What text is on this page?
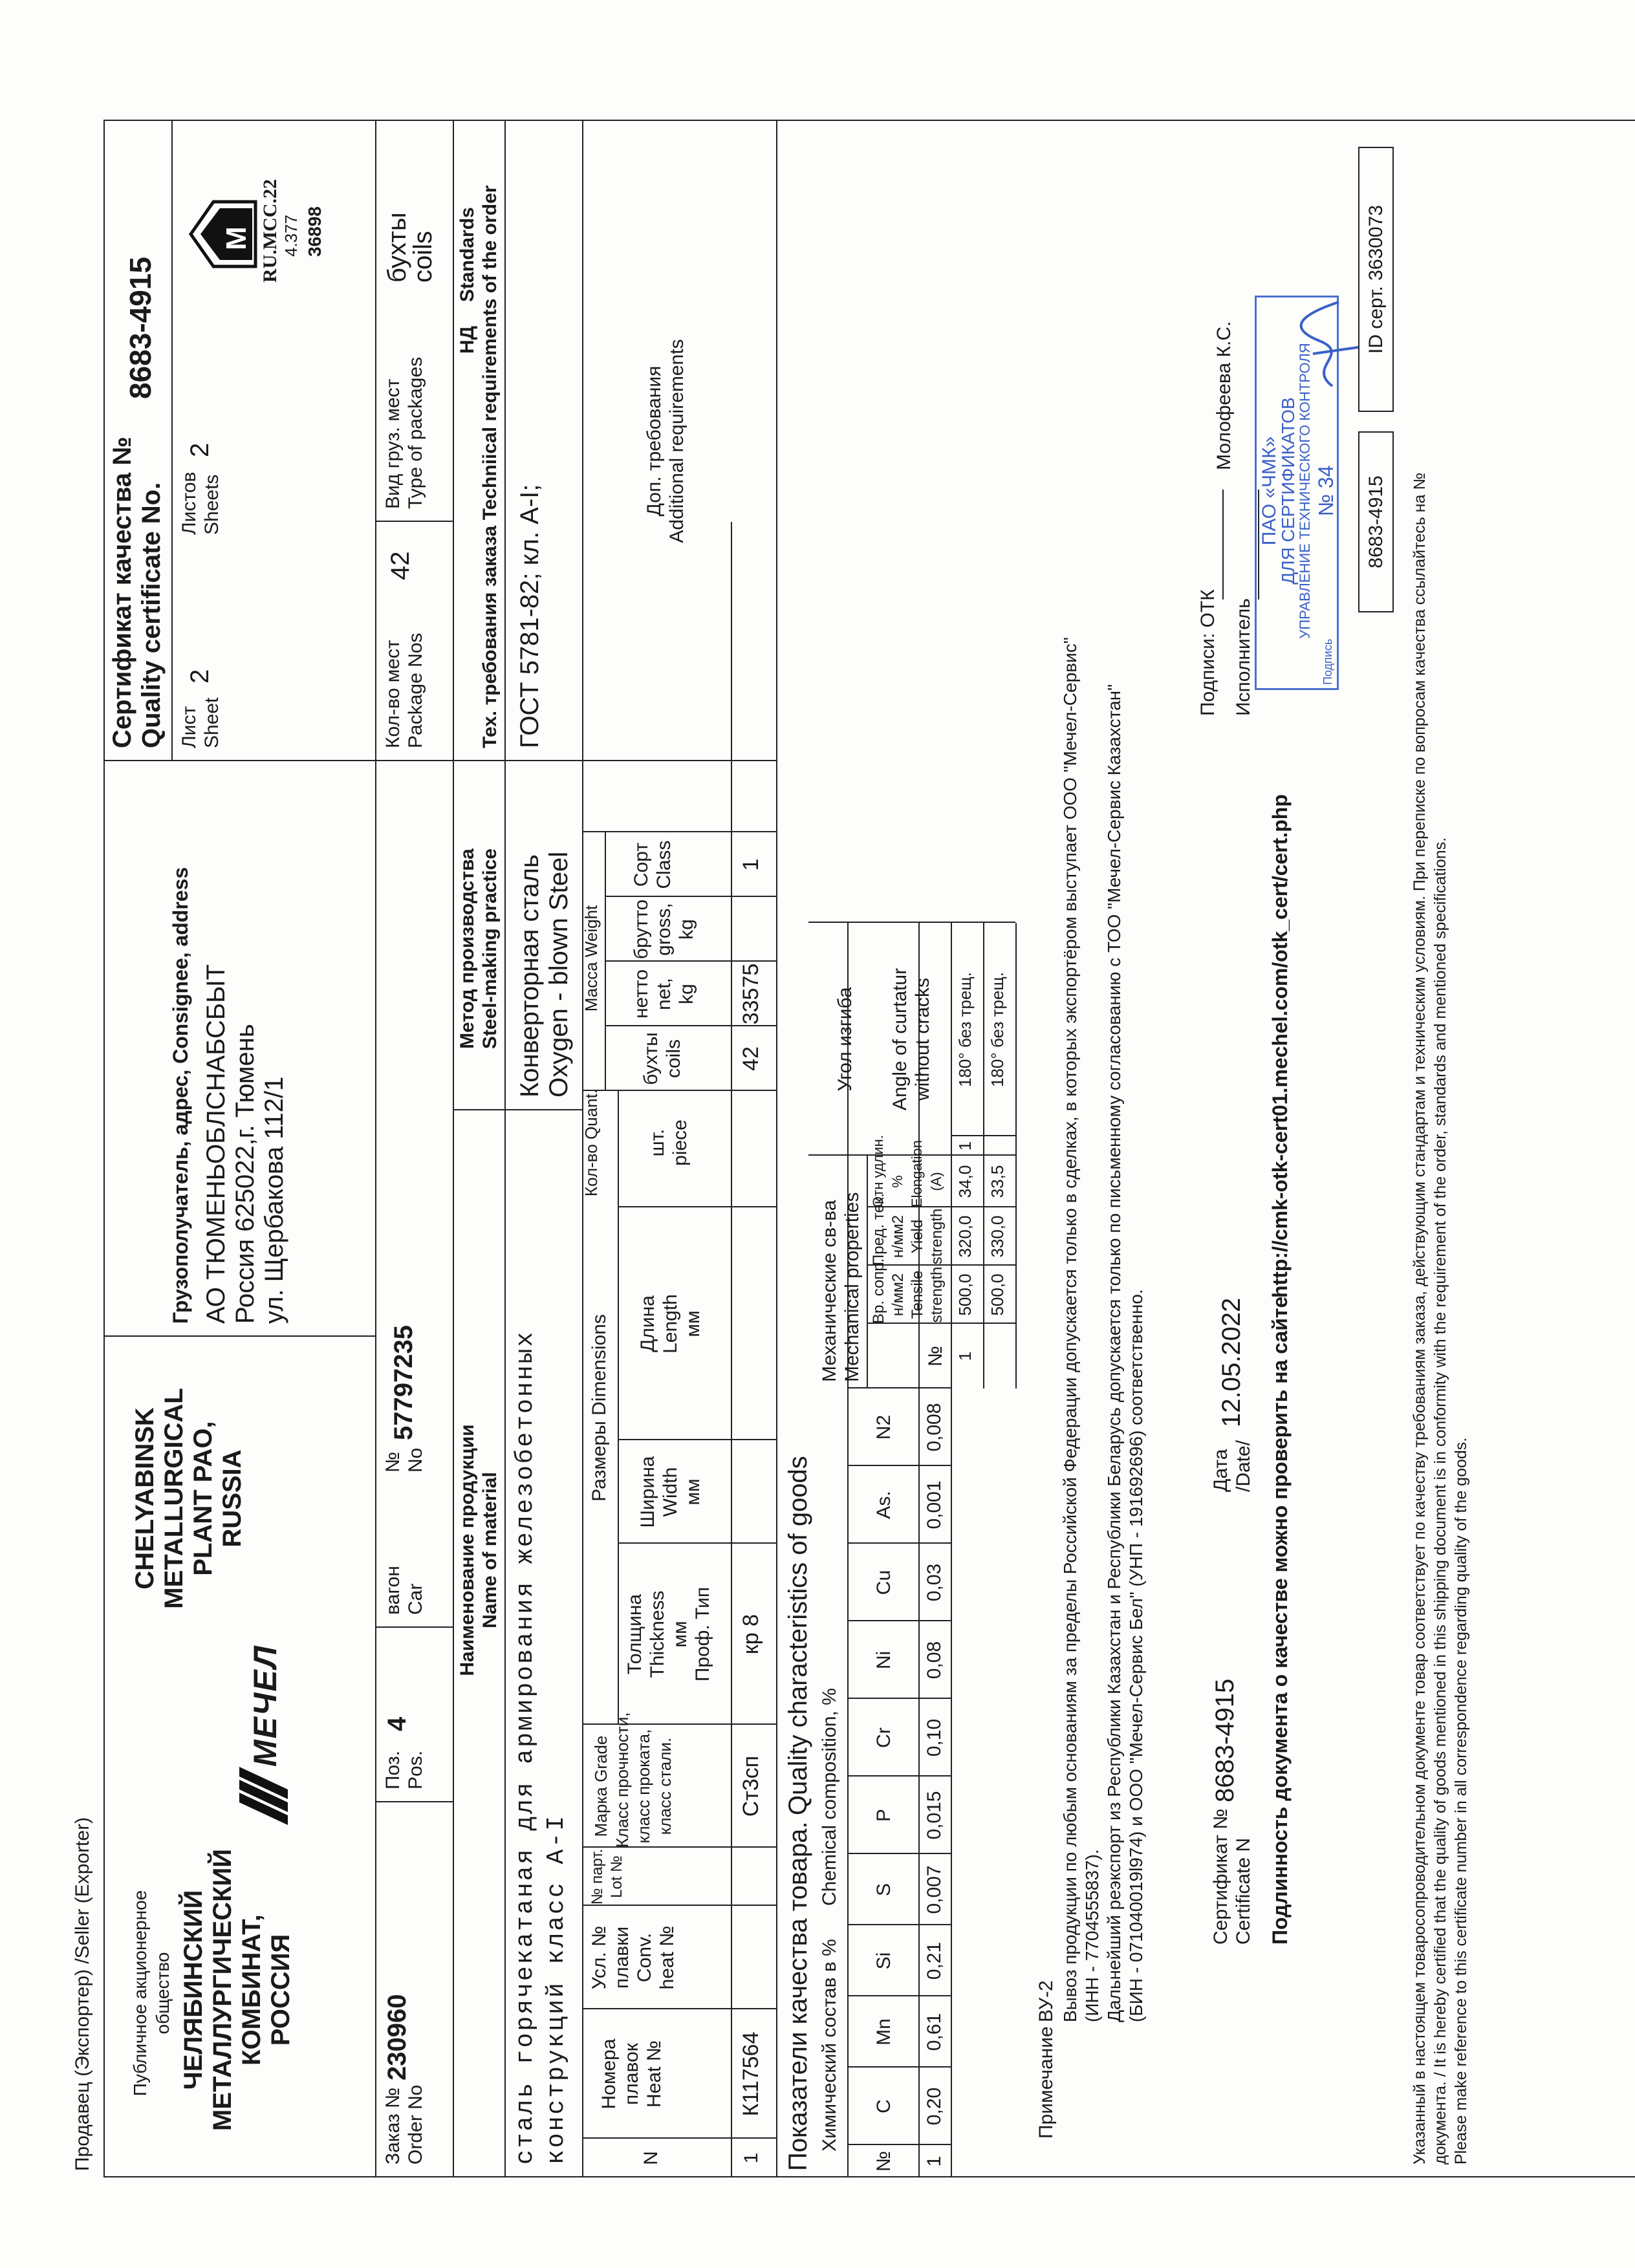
Продавец (Экспортер) /Seller (Exporter) Публичное акционерное общество ЧЕЛЯБИНСКИЙ МЕТАЛЛУРГИЧЕСКИЙ КОМБИНАТ, РОССИЯ
МЕЧЕЛ
CHELYABINSK METALLURGICAL PLANT PAO, RUSSIA
Грузополучатель, адрес, Consignee, address АО ТЮМЕНЬОБЛСНАБСБЫТ Россия 625022,г. Тюмень ул. Щербакова 112/1
Сертификат качества № Quality certificate No.
8683-4915
Лист Sheet
2
Листов Sheets
2
M RU.MCC.22 4.377 36898
Заказ № Order No
230960
Поз. Pos.
4
вагон Car
№ No
57797235
Кол-во мест Package Nos
42
Вид груз. мест Type of packages
бухты
coils
Наименование продукции Name of material
Метод производства Steel-making practice
НД
Standards Тех. требования заказа Techniical requirements of the order
сталь горячекатаная для армирования железобетонных конструкций класс A-I
Конверторная сталь Oxygen - blown Steel
ГОСТ 5781-82; кл. А-I;
N
Номера плавок Heat №
Усл. № плавки Conv. heat №
№ парт. Lot №
Марка Grade Класс прочности, класс проката, класс стали.
Размеры Dimensions
Толщина Thickness мм Проф. Тип
Ширина Width мм
Длина Length мм
Кол-во Quant. шт. piece
бухты coils
Масса Weight нетто net, kg
брутто gross, kg
Сорт Class
Доп. требования Additional requirements
1
К117564
Ст3сп
кр 8
42
33575
1
Показатели качества товара.
Quality characteristics of goods
Химический состав в %
Chemical composition, %
№
C
Mn
Si
S
P
Cr
Ni
Cu
As.
N2
1
0,20
0,61
0,21
0,007
0,015
0,10
0,08
0,03
0,001
0,008
Механические св-ва Mechanical properties	№
Вр. сопр. н/мм2 Tensile strength
Пред. тек. н/мм2 Yield strength
Отн удлин. % Elongation (A)
Угол изгиба Angle of curtatur without cracks
1
500,0
320,0
34,0
1
180° без трещ.
500,0
330,0
33,5
180° без трещ.
Примечание
ВУ-2 Вывоз продукции по любым основаниям за пределы Российской Федерации допускается только в сделках, в которых экспортёром выступает ООО "Мечел-Сервис" (ИНН - 7704555837). Дальнейший реэкспорт из Республики Казахстан и Республики Беларусь допускается только по письменному согласованию с ТОО "Мечел-Сервис Казахстан" (БИН - 071040019l974) и ООО "Мечел-Сервис Бел" (УНП - 191692696) соответственно.	Сертификат № Certificate N
8683-4915
Дата /Date/
12.05.2022 Подлинность документа о качестве можно проверить на сайте
http://cmk-otk-cert01.mechel.com/otk_cert/cert.php
Подписи: ОТК Исполнитель
Молофеева К.С.
ПАО «ЧМК»
ДЛЯ СЕРТИФИКАТОВ
УПРАВЛЕНИЕ ТЕХНИЧЕСКОГО КОНТРОЛЯ № 34
Подпись
8683-4915
ID серт. 3630073
Указанный в настоящем товаросопроводительном документе товар соответствует по качеству требованиям заказа, действующим стандартам и техническим условиям. При переписке по вопросам качества ссылайтесь на № документа. / It is hereby certified that the quality of goods mentioned in this shipping document is in conformity with the requirement of the order, standards and mentioned specifications. Please make reference to this certificate number in all correspondence regarding quality of the goods.
